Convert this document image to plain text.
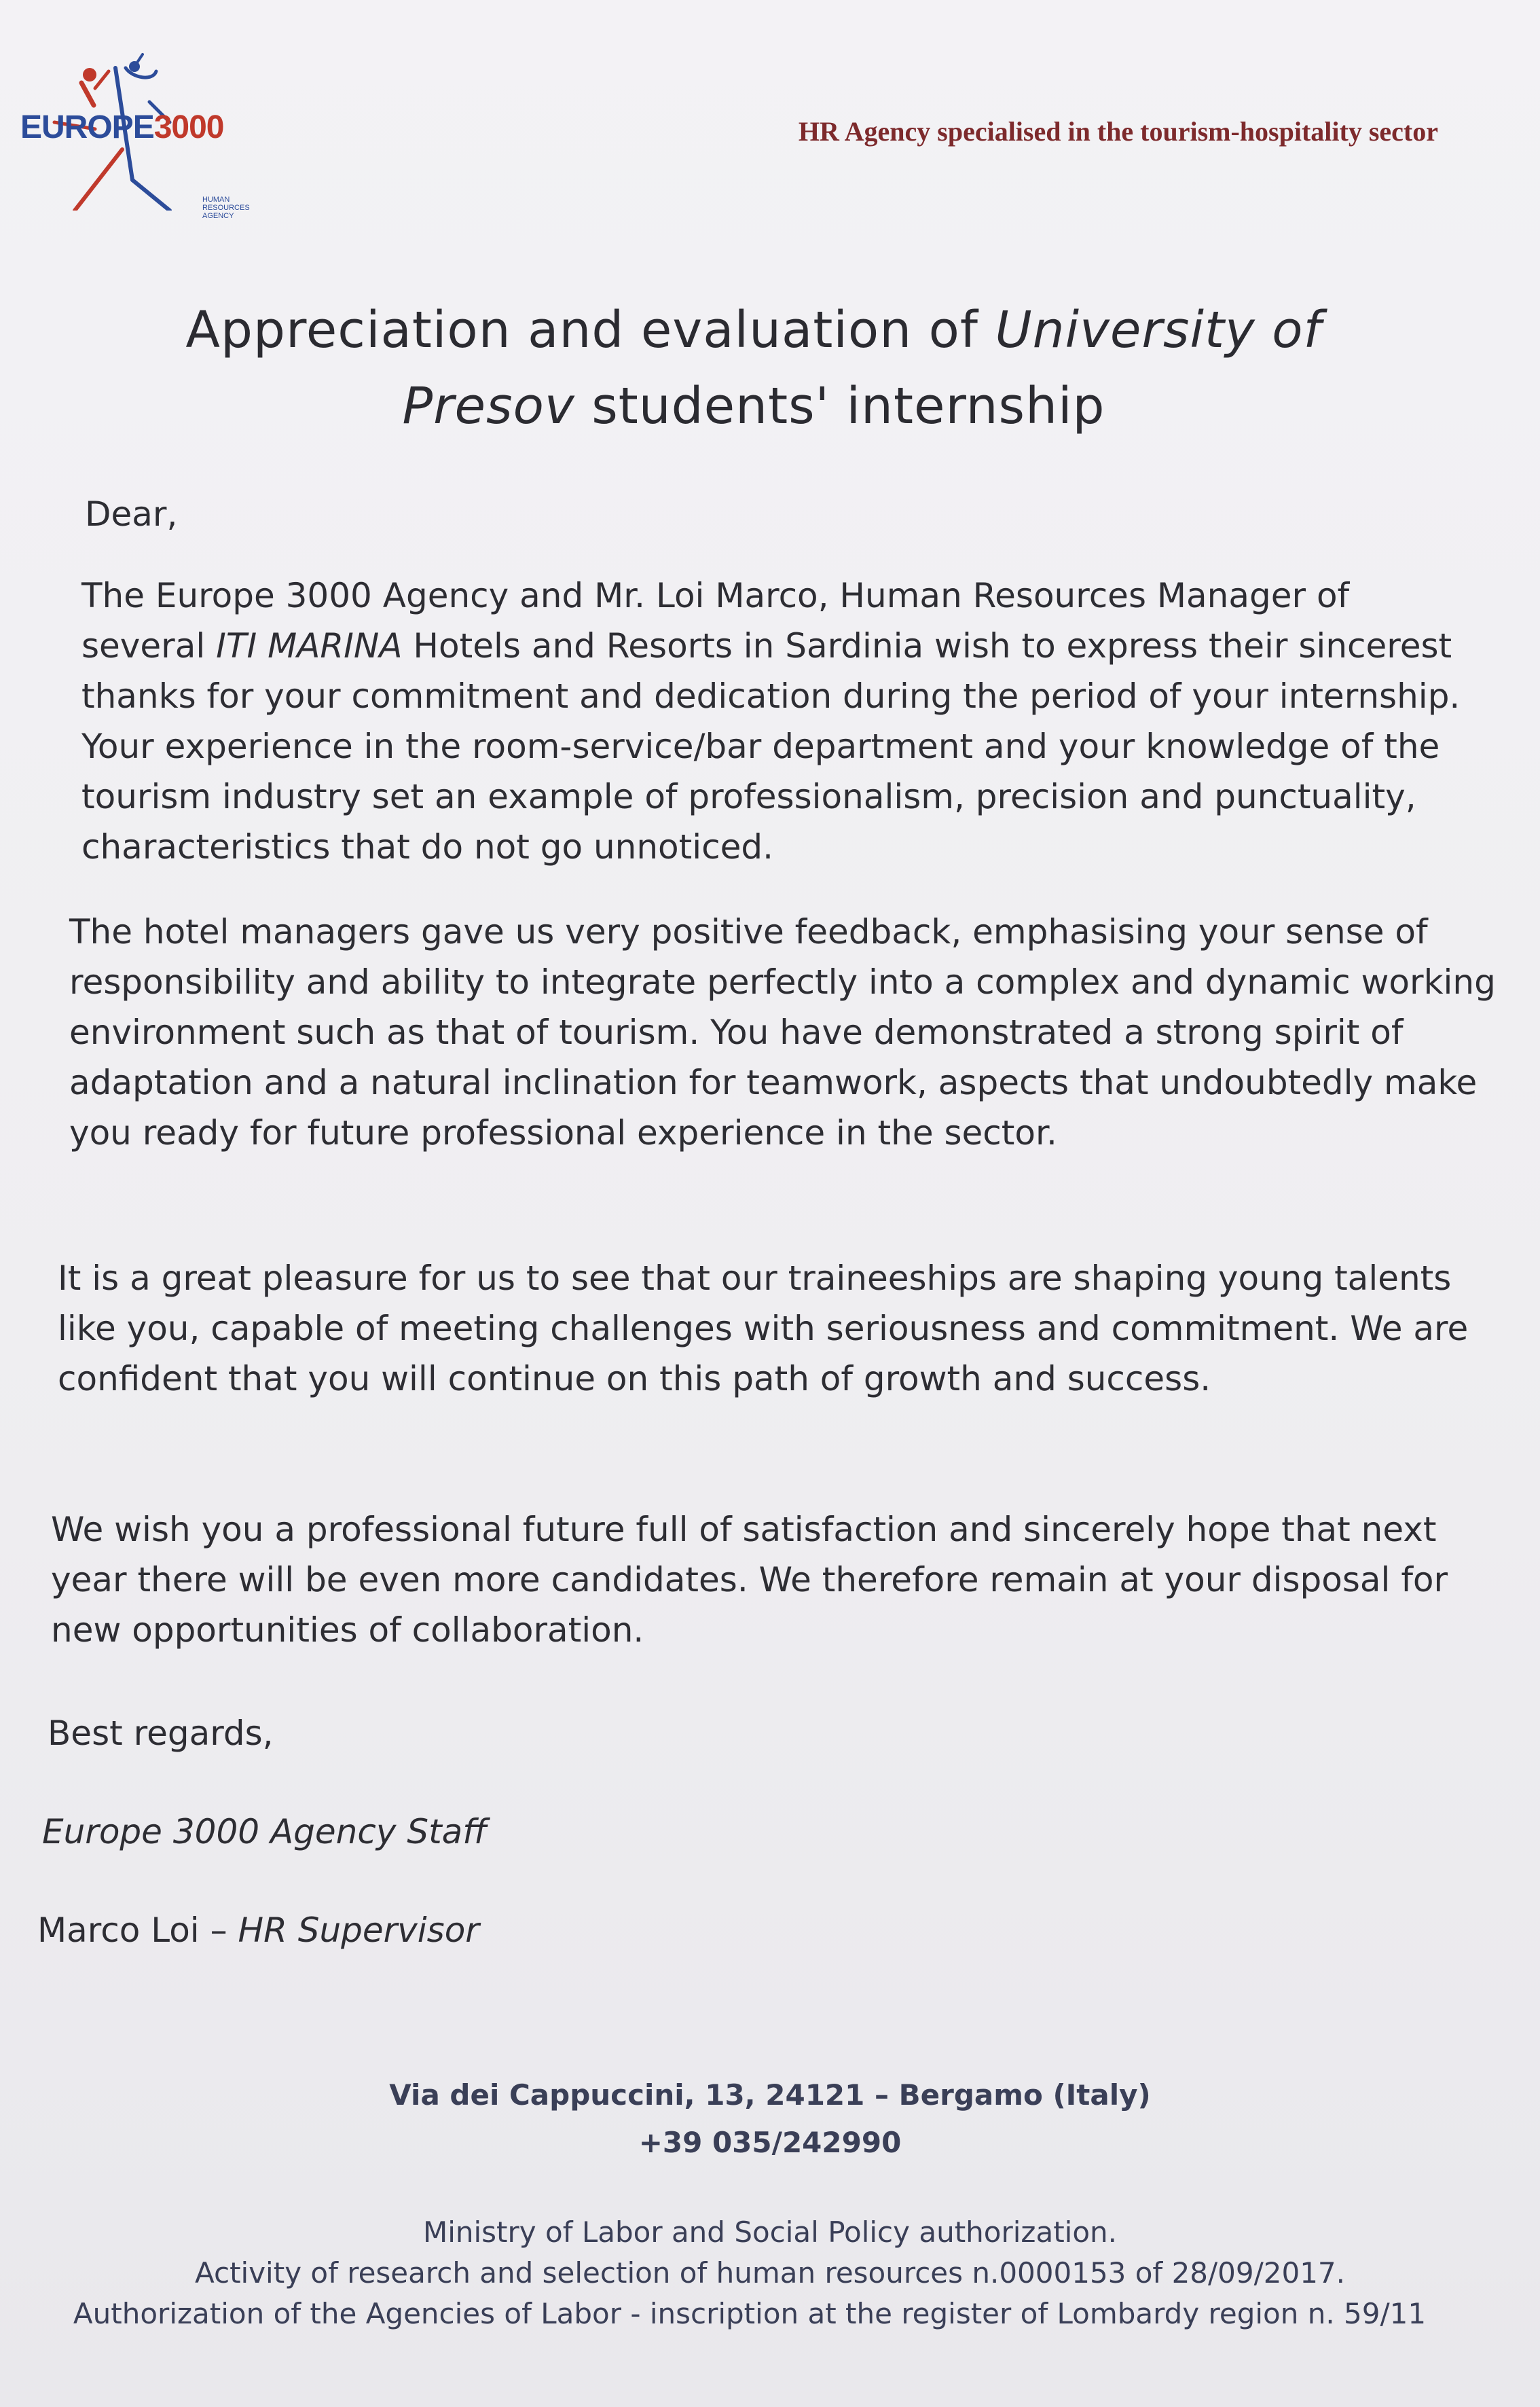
EUROPE3000
HUMAN RESOURCES AGENCY
HR Agency specialised in the tourism-hospitality sector
Appreciation and evaluation of University of
Presov students' internship
Dear,
The Europe 3000 Agency and Mr. Loi Marco, Human Resources Manager of several ITI MARINA Hotels and Resorts in Sardinia wish to express their sincerest thanks for your commitment and dedication during the period of your internship. Your experience in the room-service/bar department and your knowledge of the tourism industry set an example of professionalism, precision and punctuality, characteristics that do not go unnoticed.
The hotel managers gave us very positive feedback, emphasising your sense of responsibility and ability to integrate perfectly into a complex and dynamic working environment such as that of tourism. You have demonstrated a strong spirit of adaptation and a natural inclination for teamwork, aspects that undoubtedly make you ready for future professional experience in the sector.
It is a great pleasure for us to see that our traineeships are shaping young talents like you, capable of meeting challenges with seriousness and commitment. We are confident that you will continue on this path of growth and success.
We wish you a professional future full of satisfaction and sincerely hope that next year there will be even more candidates. We therefore remain at your disposal for new opportunities of collaboration.
Best regards,
Europe 3000 Agency Staff
Marco Loi – HR Supervisor
Via dei Cappuccini, 13, 24121 – Bergamo (Italy)
+39 035/242990
Ministry of Labor and Social Policy authorization.
Activity of research and selection of human resources n.0000153 of 28/09/2017.
Authorization of the Agencies of Labor - inscription at the register of Lombardy region n. 59/11
